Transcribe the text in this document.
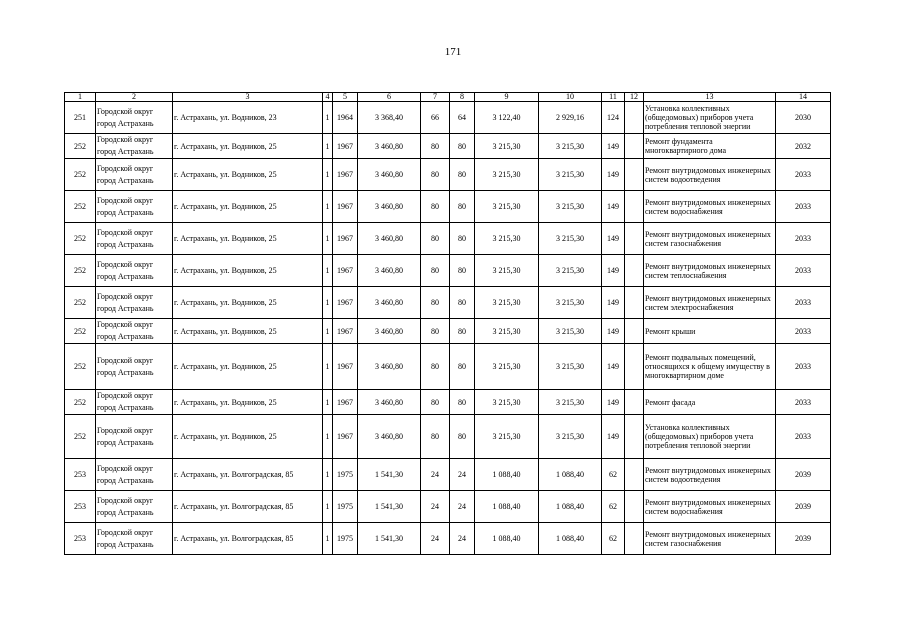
171
1	2	3	4	5	6	7	8	9	10	11	12	13	14
251	Городской округ город Астрахань	г. Астрахань, ул. Водников, 23	1	1964	3 368,40	66	64	3 122,40	2 929,16	124		Установка коллективных (общедомовых) приборов учета потребления тепловой энергии	2030
252	Городской округ город Астрахань	г. Астрахань, ул. Водников, 25	1	1967	3 460,80	80	80	3 215,30	3 215,30	149		Ремонт фундамента многоквартирного дома	2032
252	Городской округ город Астрахань	г. Астрахань, ул. Водников, 25	1	1967	3 460,80	80	80	3 215,30	3 215,30	149		Ремонт внутридомовых инженерных систем водоотведения	2033
252	Городской округ город Астрахань	г. Астрахань, ул. Водников, 25	1	1967	3 460,80	80	80	3 215,30	3 215,30	149		Ремонт внутридомовых инженерных систем водоснабжения	2033
252	Городской округ город Астрахань	г. Астрахань, ул. Водников, 25	1	1967	3 460,80	80	80	3 215,30	3 215,30	149		Ремонт внутридомовых инженерных систем газоснабжения	2033
252	Городской округ город Астрахань	г. Астрахань, ул. Водников, 25	1	1967	3 460,80	80	80	3 215,30	3 215,30	149		Ремонт внутридомовых инженерных систем теплоснабжения	2033
252	Городской округ город Астрахань	г. Астрахань, ул. Водников, 25	1	1967	3 460,80	80	80	3 215,30	3 215,30	149		Ремонт внутридомовых инженерных систем электроснабжения	2033
252	Городской округ город Астрахань	г. Астрахань, ул. Водников, 25	1	1967	3 460,80	80	80	3 215,30	3 215,30	149		Ремонт крыши	2033
252	Городской округ город Астрахань	г. Астрахань, ул. Водников, 25	1	1967	3 460,80	80	80	3 215,30	3 215,30	149		Ремонт подвальных помещений, относящихся к общему имуществу в многоквартирном доме	2033
252	Городской округ город Астрахань	г. Астрахань, ул. Водников, 25	1	1967	3 460,80	80	80	3 215,30	3 215,30	149		Ремонт фасада	2033
252	Городской округ город Астрахань	г. Астрахань, ул. Водников, 25	1	1967	3 460,80	80	80	3 215,30	3 215,30	149		Установка коллективных (общедомовых) приборов учета потребления тепловой энергии	2033
253	Городской округ город Астрахань	г. Астрахань, ул. Волгоградская, 85	1	1975	1 541,30	24	24	1 088,40	1 088,40	62		Ремонт внутридомовых инженерных систем водоотведения	2039
253	Городской округ город Астрахань	г. Астрахань, ул. Волгоградская, 85	1	1975	1 541,30	24	24	1 088,40	1 088,40	62		Ремонт внутридомовых инженерных систем водоснабжения	2039
253	Городской округ город Астрахань	г. Астрахань, ул. Волгоградская, 85	1	1975	1 541,30	24	24	1 088,40	1 088,40	62		Ремонт внутридомовых инженерных систем газоснабжения	2039
